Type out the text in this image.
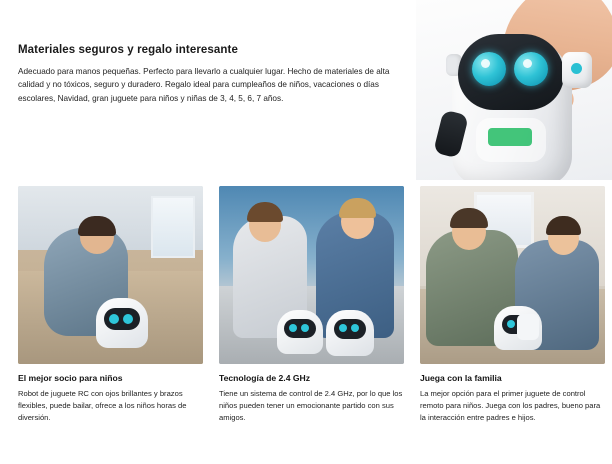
Materiales seguros y regalo interesante
Adecuado para manos pequeñas. Perfecto para llevarlo a cualquier lugar. Hecho de materiales de alta calidad y no tóxicos, seguro y duradero. Regalo ideal para cumpleaños de niños, vacaciones o días escolares, Navidad, gran juguete para niños y niñas de 3, 4, 5, 6, 7 años.
El mejor socio para niños
Robot de juguete RC con ojos brillantes y brazos flexibles, puede bailar, ofrece a los niños horas de diversión.
Tecnología de 2.4 GHz
Tiene un sistema de control de 2.4 GHz, por lo que los niños pueden tener un emocionante partido con sus amigos.
Juega con la familia
La mejor opción para el primer juguete de control remoto para niños. Juega con los padres, bueno para la interacción entre padres e hijos.
